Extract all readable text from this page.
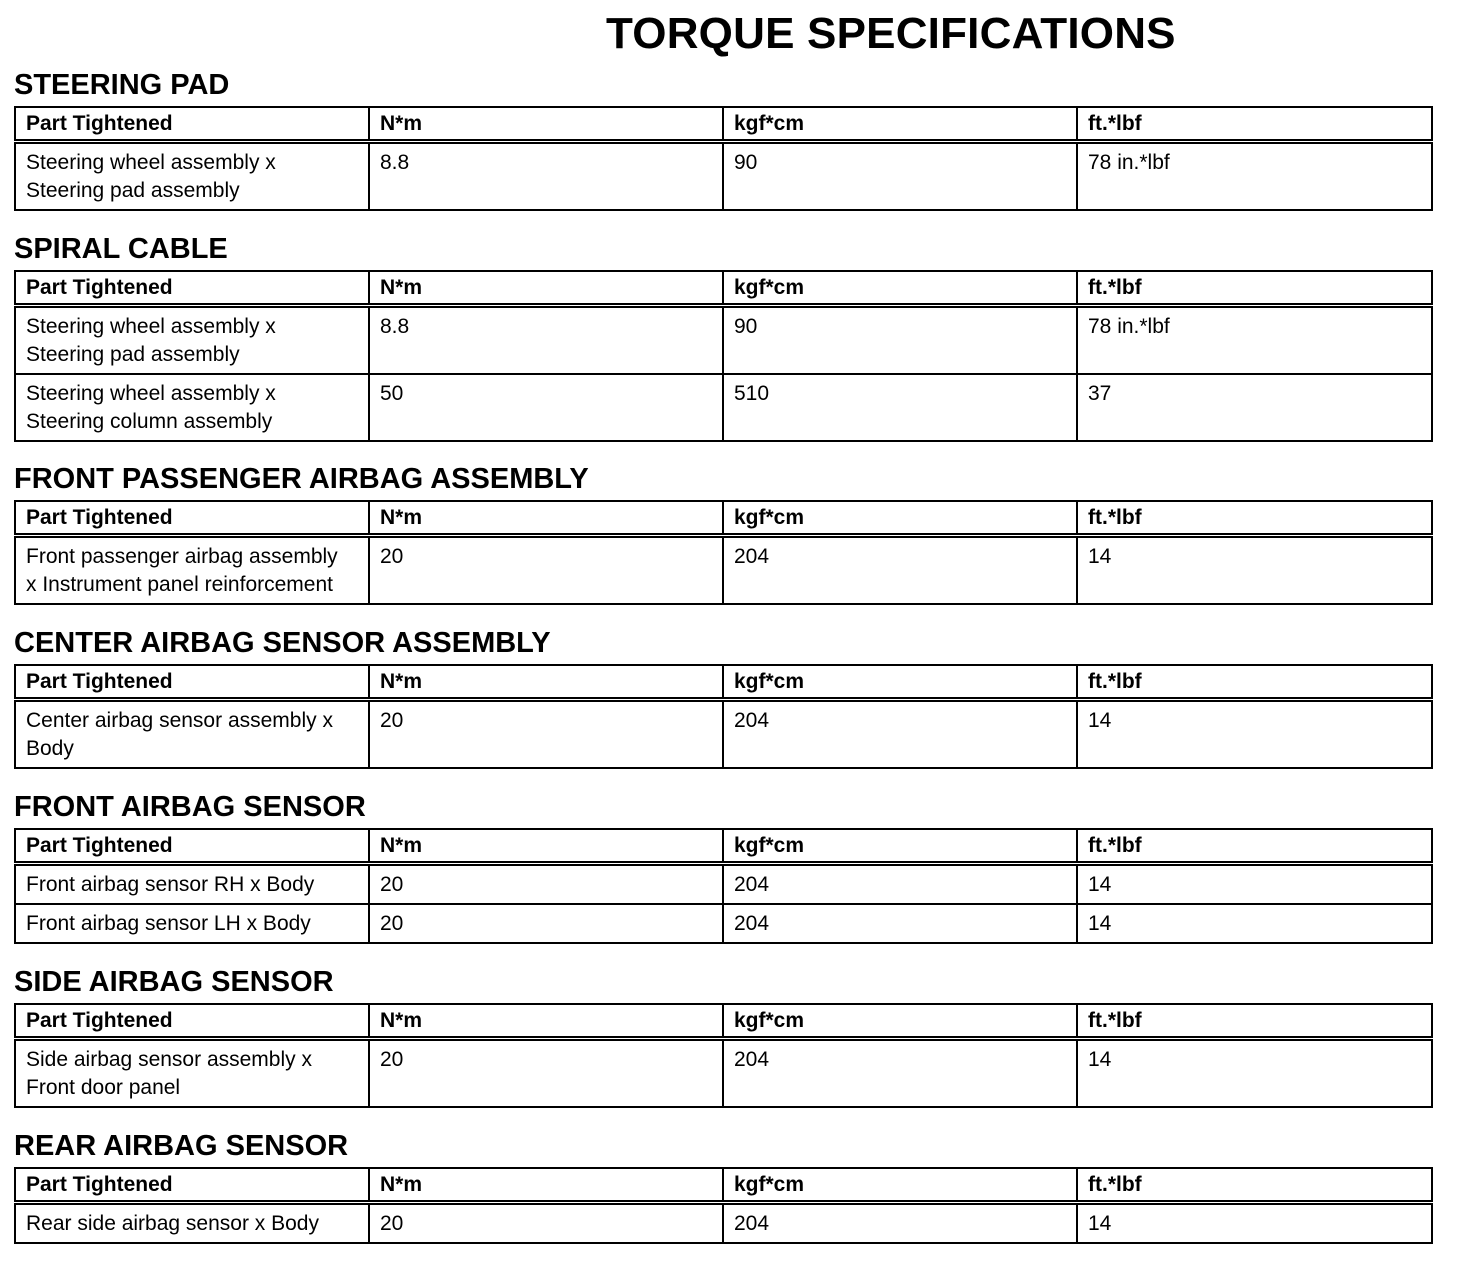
TORQUE SPECIFICATIONS
STEERING PAD
Part Tightened	N*m	kgf*cm	ft.*lbf
Steering wheel assembly x
Steering pad assembly	8.8	90	78 in.*lbf
SPIRAL CABLE
Part Tightened	N*m	kgf*cm	ft.*lbf
Steering wheel assembly x
Steering pad assembly	8.8	90	78 in.*lbf
Steering wheel assembly x
Steering column assembly	50	510	37
FRONT PASSENGER AIRBAG ASSEMBLY
Part Tightened	N*m	kgf*cm	ft.*lbf
Front passenger airbag assembly
x Instrument panel reinforcement	20	204	14
CENTER AIRBAG SENSOR ASSEMBLY
Part Tightened	N*m	kgf*cm	ft.*lbf
Center airbag sensor assembly x
Body	20	204	14
FRONT AIRBAG SENSOR
Part Tightened	N*m	kgf*cm	ft.*lbf
Front airbag sensor RH x Body	20	204	14
Front airbag sensor LH x Body	20	204	14
SIDE AIRBAG SENSOR
Part Tightened	N*m	kgf*cm	ft.*lbf
Side airbag sensor assembly x
Front door panel	20	204	14
REAR AIRBAG SENSOR
Part Tightened	N*m	kgf*cm	ft.*lbf
Rear side airbag sensor x Body	20	204	14
